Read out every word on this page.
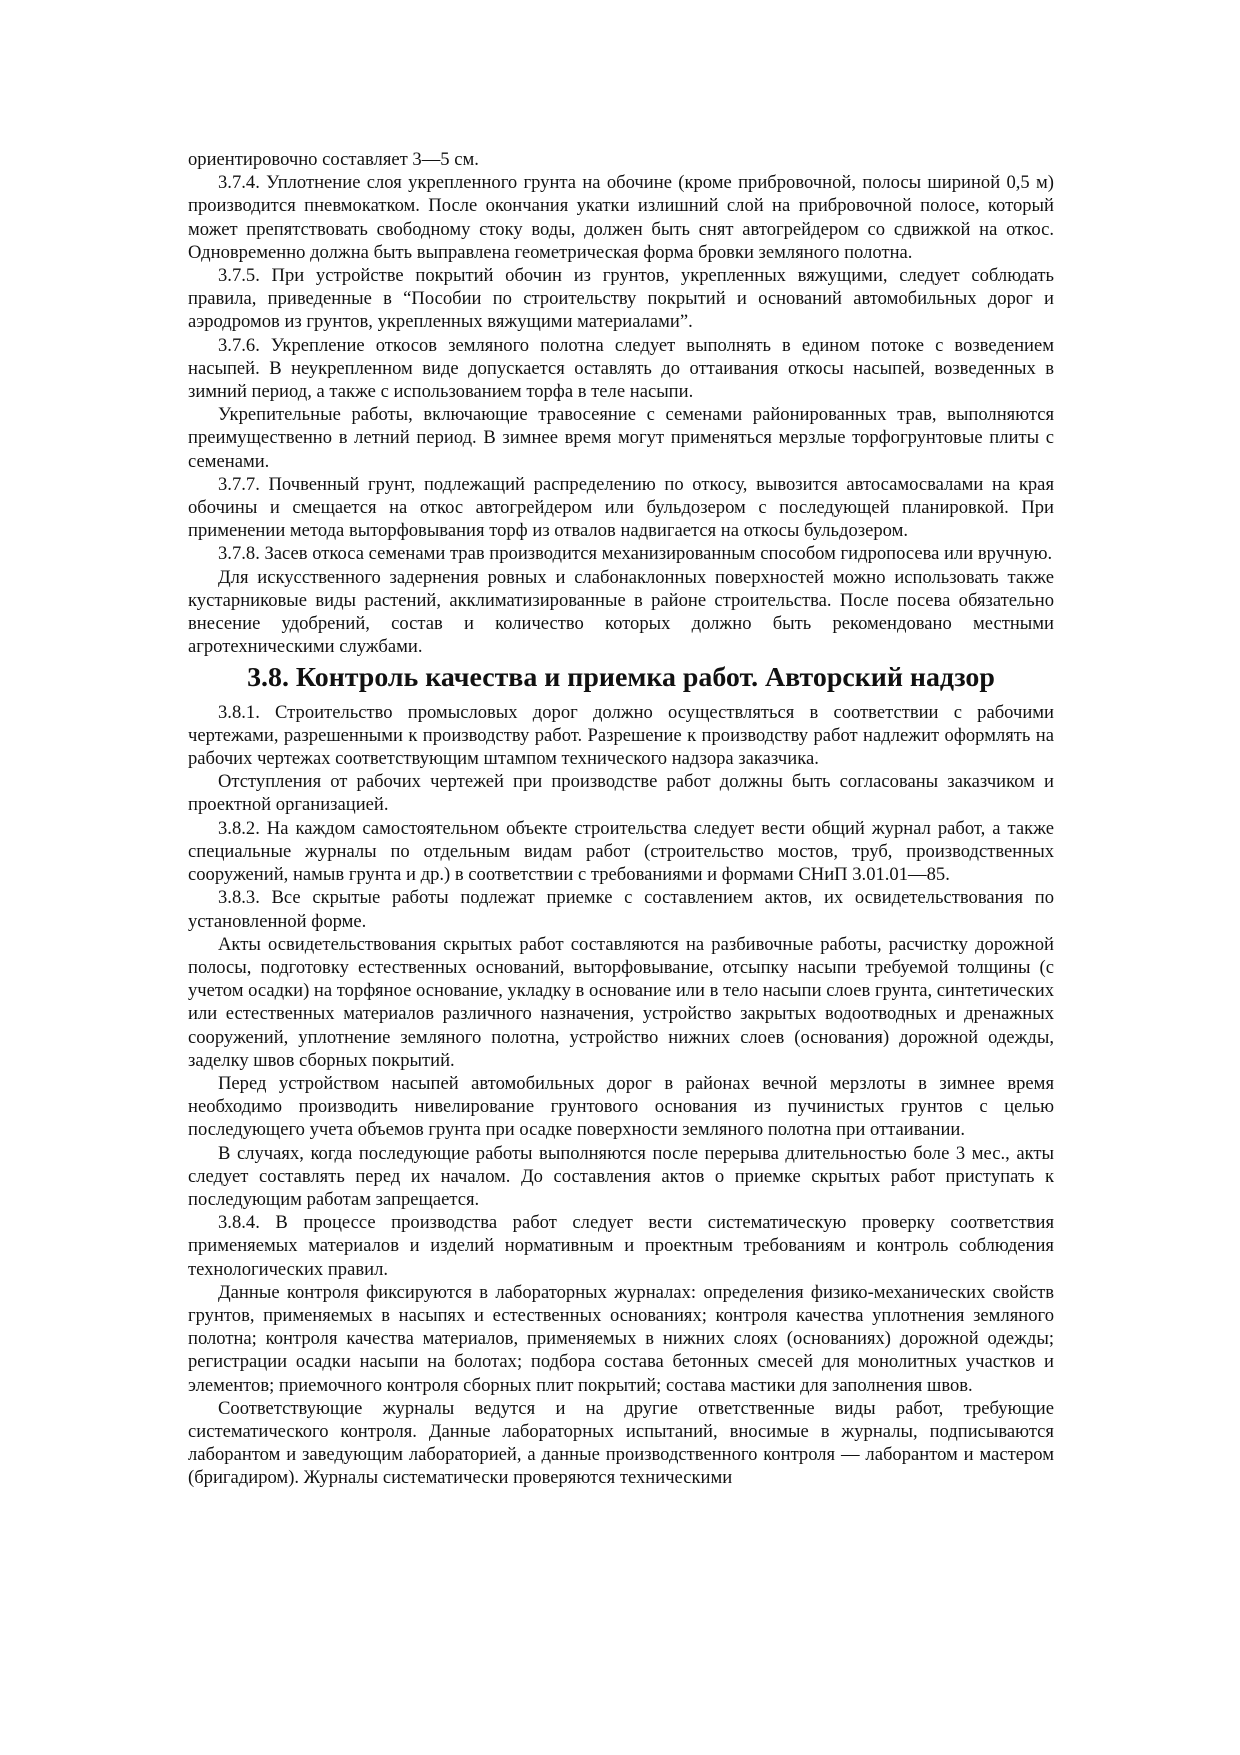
ориентировочно составляет 3—5 см.

3.7.4. Уплотнение слоя укрепленного грунта на обочине (кроме прибровочной, полосы шириной 0,5 м) производится пневмокатком. После окончания укатки излишний слой на прибровочной полосе, который может препятствовать свободному стоку воды, должен быть снят автогрейдером со сдвижкой на откос. Одновременно должна быть выправлена геометрическая форма бровки земляного полотна.

3.7.5. При устройстве покрытий обочин из грунтов, укрепленных вяжущими, следует соблюдать правила, приведенные в “Пособии по строительству покрытий и оснований автомобильных дорог и аэродромов из грунтов, укрепленных вяжущими материалами”.

3.7.6. Укрепление откосов земляного полотна следует выполнять в едином потоке с возведением насыпей. В неукрепленном виде допускается оставлять до оттаивания откосы насыпей, возведенных в зимний период, а также с использованием торфа в теле насыпи.

Укрепительные работы, включающие травосеяние с семенами районированных трав, выполняются преимущественно в летний период. В зимнее время могут применяться мерзлые торфогрунтовые плиты с семенами.

3.7.7. Почвенный грунт, подлежащий распределению по откосу, вывозится автосамосвалами на края обочины и смещается на откос автогрейдером или бульдозером с последующей планировкой. При применении метода выторфовывания торф из отвалов надвигается на откосы бульдозером.

3.7.8. Засев откоса семенами трав производится механизированным способом гидропосева или вручную.

Для искусственного задернения ровных и слабонаклонных поверхностей можно использовать также кустарниковые виды растений, акклиматизированные в районе строительства. После посева обязательно внесение удобрений, состав и количество которых должно быть рекомендовано местными агротехническими службами.

3.8. Контроль качества и приемка работ. Авторский надзор

3.8.1. Строительство промысловых дорог должно осуществляться в соответствии с рабочими чертежами, разрешенными к производству работ. Разрешение к производству работ надлежит оформлять на рабочих чертежах соответствующим штампом технического надзора заказчика.

Отступления от рабочих чертежей при производстве работ должны быть согласованы заказчиком и проектной организацией.

3.8.2. На каждом самостоятельном объекте строительства следует вести общий журнал работ, а также специальные журналы по отдельным видам работ (строительство мостов, труб, производственных сооружений, намыв грунта и др.) в соответствии с требованиями и формами СНиП 3.01.01—85.

3.8.3. Все скрытые работы подлежат приемке с составлением актов, их освидетельствования по установленной форме.

Акты освидетельствования скрытых работ составляются на разбивочные работы, расчистку дорожной полосы, подготовку естественных оснований, выторфовывание, отсыпку насыпи требуемой толщины (с учетом осадки) на торфяное основание, укладку в основание или в тело насыпи слоев грунта, синтетических или естественных материалов различного назначения, устройство закрытых водоотводных и дренажных сооружений, уплотнение земляного полотна, устройство нижних слоев (основания) дорожной одежды, заделку швов сборных покрытий.

Перед устройством насыпей автомобильных дорог в районах вечной мерзлоты в зимнее время необходимо производить нивелирование грунтового основания из пучинистых грунтов с целью последующего учета объемов грунта при осадке поверхности земляного полотна при оттаивании.

В случаях, когда последующие работы выполняются после перерыва длительностью боле 3 мес., акты следует составлять перед их началом. До составления актов о приемке скрытых работ приступать к последующим работам запрещается.

3.8.4. В процессе производства работ следует вести систематическую проверку соответствия применяемых материалов и изделий нормативным и проектным требованиям и контроль соблюдения технологических правил.

Данные контроля фиксируются в лабораторных журналах: определения физико-механических свойств грунтов, применяемых в насыпях и естественных основаниях; контроля качества уплотнения земляного полотна; контроля качества материалов, применяемых в нижних слоях (основаниях) дорожной одежды; регистрации осадки насыпи на болотах; подбора состава бетонных смесей для монолитных участков и элементов; приемочного контроля сборных плит покрытий; состава мастики для заполнения швов.

Соответствующие журналы ведутся и на другие ответственные виды работ, требующие систематического контроля. Данные лабораторных испытаний, вносимые в журналы, подписываются лаборантом и заведующим лабораторией, а данные производственного контроля — лаборантом и мастером (бригадиром). Журналы систематически проверяются техническими
